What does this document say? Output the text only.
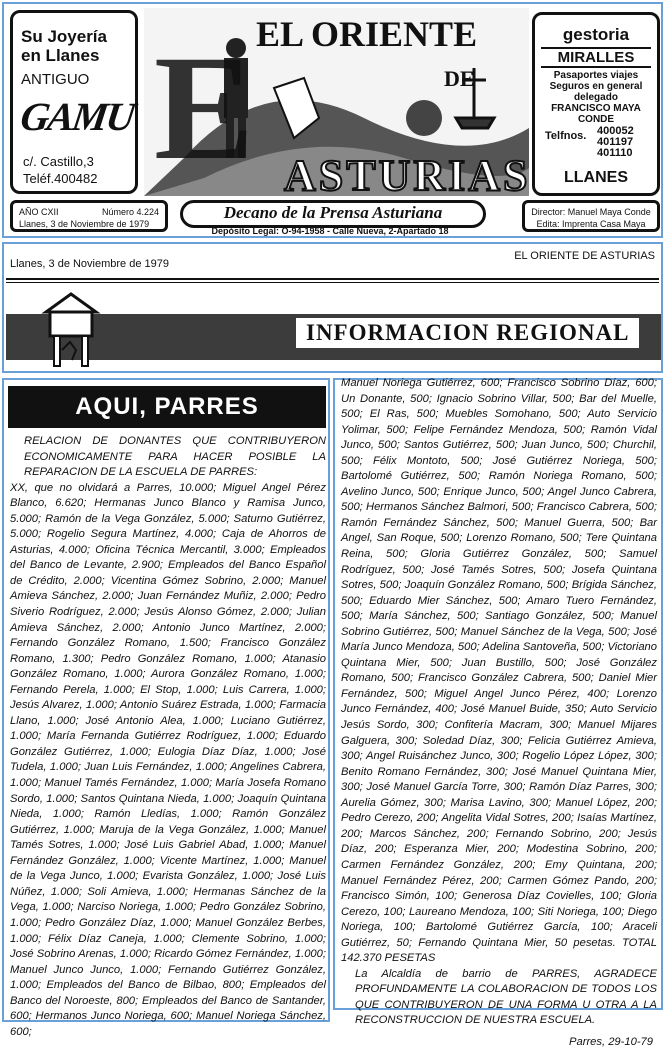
Su Joyería
en Llanes
ANTIGUO
GAMU
c/. Castillo,3
Teléf.400482 E EL ORIENTE
DE
ASTURIAS
gestoria
MIRALLES
Pasaportes viajes
Seguros en general
delegado
FRANCISCO MAYA
CONDE
Telfnos. 400052
401197
401110
LLANES
AÑO CXII	Número 4.224
Llanes, 3 de Noviembre de 1979
Decano de la Prensa Asturiana
Depósito Legal: O-94-1958 - Calle Nueva, 2-Apartado 18
Director: Manuel Maya Conde
Edita: Imprenta Casa Maya
Llanes, 3 de Noviembre de 1979
EL ORIENTE DE ASTURIAS
INFORMACION REGIONAL
AQUI, PARRES
RELACION DE DONANTES QUE CONTRIBUYERON ECONOMICAMENTE PARA HACER POSIBLE LA REPARACION DE LA ESCUELA DE PARRES:
XX, que no olvidará a Parres, 10.000; Miguel Angel Pérez Blanco, 6.620; Hermanas Junco Blanco y Ramisa Junco, 5.000; Ramón de la Vega González, 5.000; Saturno Gutiérrez, 5.000; Rogelio Segura Martínez, 4.000; Caja de Ahorros de Asturias, 4.000; Oficina Técnica Mercantil, 3.000; Empleados del Banco de Levante, 2.900; Empleados del Banco Español de Crédito, 2.000; Vicentina Gómez Sobrino, 2.000; Manuel Amieva Sánchez, 2.000; Juan Fernández Muñiz, 2.000; Pedro Siverio Rodríguez, 2.000; Jesús Alonso Gómez, 2.000; Julian Amieva Sánchez, 2.000; Antonio Junco Martínez, 2.000; Fernando González Romano, 1.500; Francisco González Romano, 1.300; Pedro González Romano, 1.000; Atanasio González Romano, 1.000; Aurora González Romano, 1.000; Fernando Perela, 1.000; El Stop, 1.000; Luis Carrera, 1.000; Jesús Alvarez, 1.000; Antonio Suárez Estrada, 1.000; Farmacia Llano, 1.000; José Antonio Alea, 1.000; Luciano Gutiérrez, 1.000; María Fernanda Gutiérrez Rodríguez, 1.000; Eduardo González Gutiérrez, 1.000; Eulogia Díaz Díaz, 1.000; José Tudela, 1.000; Juan Luis Fernández, 1.000; Angelines Cabrera, 1.000; Manuel Tamés Fernández, 1.000; María Josefa Romano Sordo, 1.000; Santos Quintana Nieda, 1.000; Joaquín Quintana Nieda, 1.000; Ramón Lledías, 1.000; Ramón González Gutiérrez, 1.000; Maruja de la Vega González, 1.000; Manuel Tamés Sotres, 1.000; José Luis Gabriel Abad, 1.000; Manuel Fernández González, 1.000; Vicente Martínez, 1.000; Manuel de la Vega Junco, 1.000; Evarista González, 1.000; José Luis Núñez, 1.000; Soli Amieva, 1.000; Hermanas Sánchez de la Vega, 1.000; Narciso Noriega, 1.000; Pedro González Sobrino, 1.000; Pedro González Díaz, 1.000; Manuel González Berbes, 1.000; Félix Díaz Caneja, 1.000; Clemente Sobrino, 1.000; José Sobrino Arenas, 1.000; Ricardo Gómez Fernández, 1.000; Manuel Junco Junco, 1.000; Fernando Gutiérrez González, 1.000; Empleados del Banco de Bilbao, 800; Empleados del Banco del Noroeste, 800; Empleados del Banco de Santander, 600; Hermanos Junco Noriega, 600; Manuel Noriega Sánchez, 600;
Manuel Noriega Gutiérrez, 600; Francisco Sobrino Díaz, 600; Un Donante, 500; Ignacio Sobrino Villar, 500; Bar del Muelle, 500; El Ras, 500; Muebles Somohano, 500; Auto Servicio Yolimar, 500; Felipe Fernández Mendoza, 500; Ramón Vidal Junco, 500; Santos Gutiérrez, 500; Juan Junco, 500; Churchil, 500; Félix Montoto, 500; José Gutiérrez Noriega, 500; Bartolomé Gutiérrez, 500; Ramón Noriega Romano, 500; Avelino Junco, 500; Enrique Junco, 500; Angel Junco Cabrera, 500; Hermanos Sánchez Balmori, 500; Francisco Cabrera, 500; Ramón Fernández Sánchez, 500; Manuel Guerra, 500; Bar Angel, San Roque, 500; Lorenzo Romano, 500; Tere Quintana Reina, 500; Gloria Gutiérrez González, 500; Samuel Rodríguez, 500; José Tamés Sotres, 500; Josefa Quintana Sotres, 500; Joaquín González Romano, 500; Brígida Sánchez, 500; Eduardo Mier Sánchez, 500; Amaro Tuero Fernández, 500; María Sánchez, 500; Santiago González, 500; Manuel Sobrino Gutiérrez, 500; Manuel Sánchez de la Vega, 500; José María Junco Mendoza, 500; Adelina Santoveña, 500; Victoriano Quintana Mier, 500; Juan Bustillo, 500; José González Romano, 500; Francisco González Cabrera, 500; Daniel Mier Fernández, 500; Miguel Angel Junco Pérez, 400; Lorenzo Junco Fernández, 400; José Manuel Buide, 350; Auto Servicio Jesús Sordo, 300; Confitería Macram, 300; Manuel Mijares Galguera, 300; Soledad Díaz, 300; Felicia Gutiérrez Amieva, 300; Angel Ruisánchez Junco, 300; Rogelio López López, 300; Benito Romano Fernández, 300; José Manuel Quintana Mier, 300; José Manuel García Torre, 300; Ramón Díaz Parres, 300; Aurelia Gómez, 300; Marisa Lavino, 300; Manuel López, 200; Pedro Cerezo, 200; Angelita Vidal Sotres, 200; Isaías Martínez, 200; Marcos Sánchez, 200; Fernando Sobrino, 200; Jesús Díaz, 200; Esperanza Mier, 200; Modestina Sobrino, 200; Carmen Fernández González, 200; Emy Quintana, 200; Manuel Fernández Pérez, 200; Carmen Gómez Pando, 200; Francisco Simón, 100; Generosa Díaz Covielles, 100; Gloria Cerezo, 100; Laureano Mendoza, 100; Siti Noriega, 100; Diego Noriega, 100; Bartolomé Gutiérrez García, 100; Araceli Gutiérrez, 50; Fernando Quintana Mier, 50 pesetas. TOTAL 142.370 PESETAS
La Alcaldía de barrio de PARRES, AGRADECE PROFUNDAMENTE LA COLABORACION DE TODOS LOS QUE CONTRIBUYERON DE UNA FORMA U OTRA A LA RECONSTRUCCION DE NUESTRA ESCUELA.
Parres, 29-10-79
